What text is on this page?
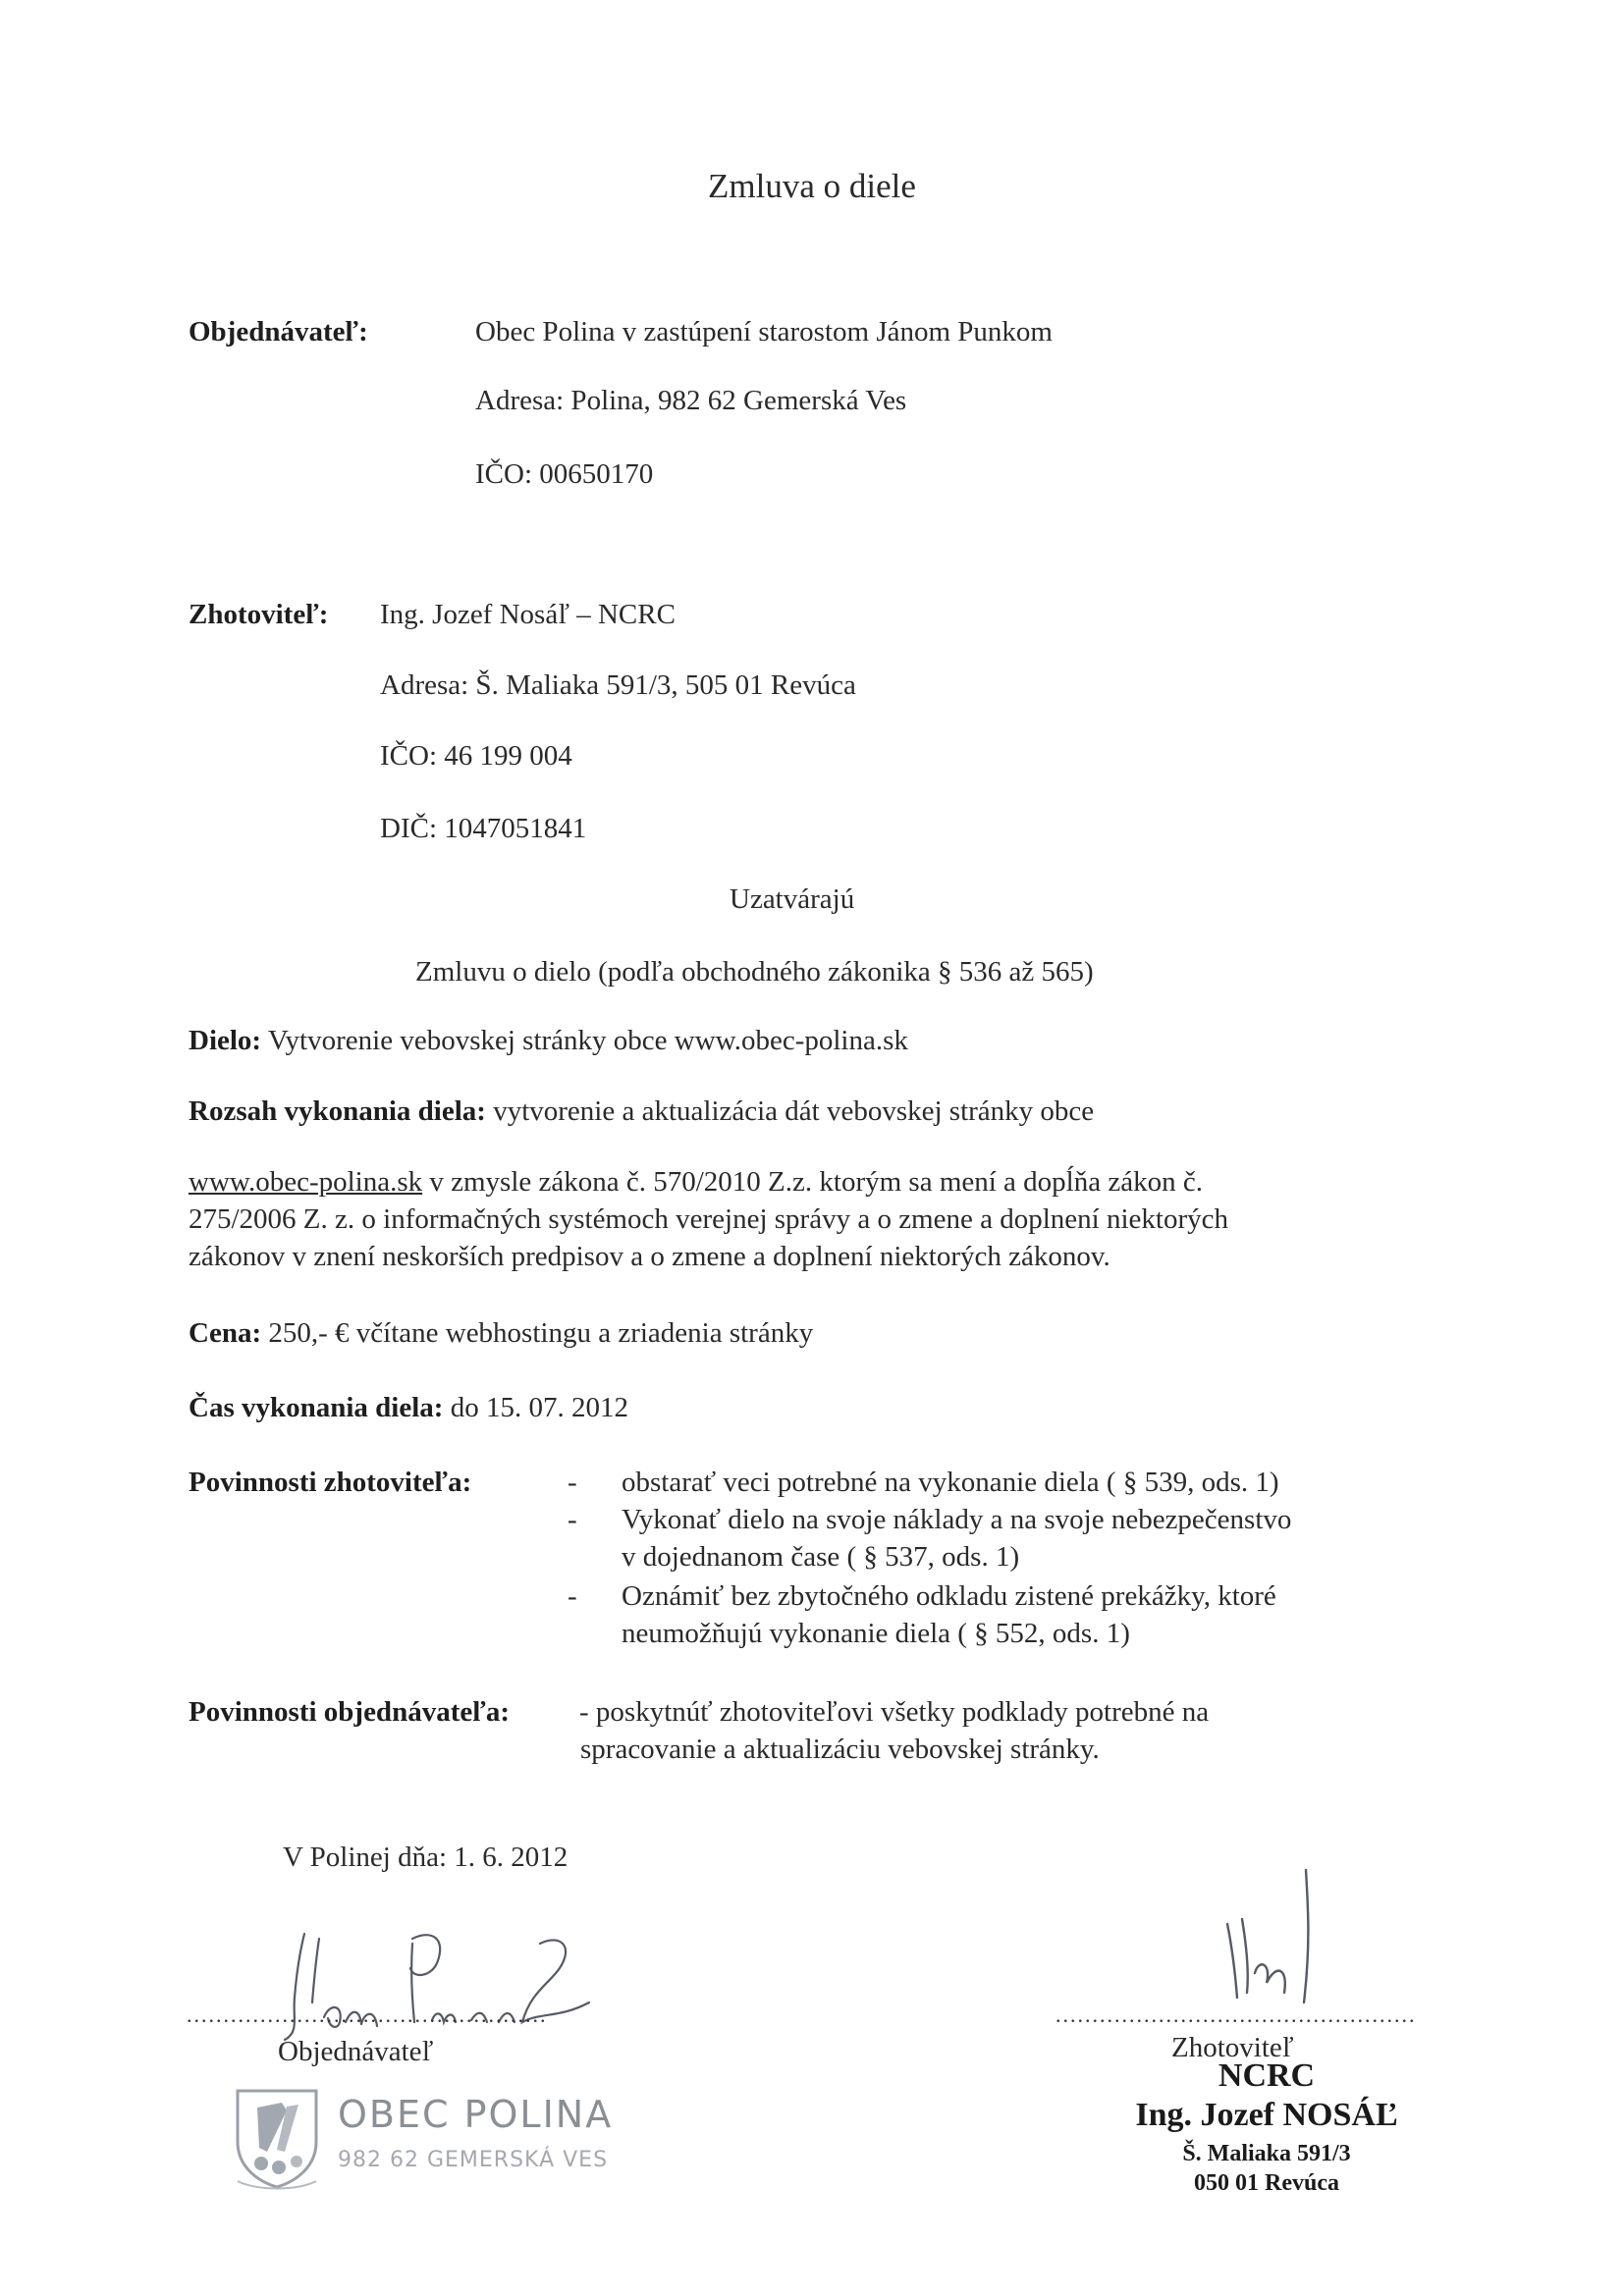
Zmluva o diele
Objednávateľ:	Obec Polina v zastúpení starostom Jánom Punkom
Adresa: Polina, 982 62 Gemerská Ves
IČO: 00650170
Zhotoviteľ: Ing. Jozef Nosáľ – NCRC
Adresa: Š. Maliaka 591/3, 505 01 Revúca
IČO: 46 199 004
DIČ: 1047051841
Uzatvárajú
Zmluvu o dielo (podľa obchodného zákonika § 536 až 565)
Dielo: Vytvorenie vebovskej stránky obce www.obec-polina.sk
Rozsah vykonania diela: vytvorenie a aktualizácia dát vebovskej stránky obce
www.obec-polina.sk v zmysle zákona č. 570/2010 Z.z. ktorým sa mení a dopĺňa zákon č.
275/2006 Z. z. o informačných systémoch verejnej správy a o zmene a doplnení niektorých
zákonov v znení neskorších predpisov a o zmene a doplnení niektorých zákonov.
Cena: 250,- € včítane webhostingu a zriadenia stránky
Čas vykonania diela: do 15. 07. 2012
Povinnosti zhotoviteľa:	- obstarať veci potrebné na vykonanie diela ( § 539, ods. 1)
- Vykonať dielo na svoje náklady a na svoje nebezpečenstvo
v dojednanom čase ( § 537, ods. 1)
- Oznámiť bez zbytočného odkladu zistené prekážky, ktoré
neumožňujú vykonanie diela ( § 552, ods. 1)
Povinnosti objednávateľa: - poskytnúť zhotoviteľovi všetky podklady potrebné na
spracovanie a aktualizáciu vebovskej stránky.
V Polinej dňa: 1. 6. 2012
.................................................
Objednávateľ
OBEC POLINA
982 62 GEMERSKÁ VES
.................................................
Zhotoviteľ
NCRC
Ing. Jozef NOSÁĽ
Š. Maliaka 591/3
050 01 Revúca
